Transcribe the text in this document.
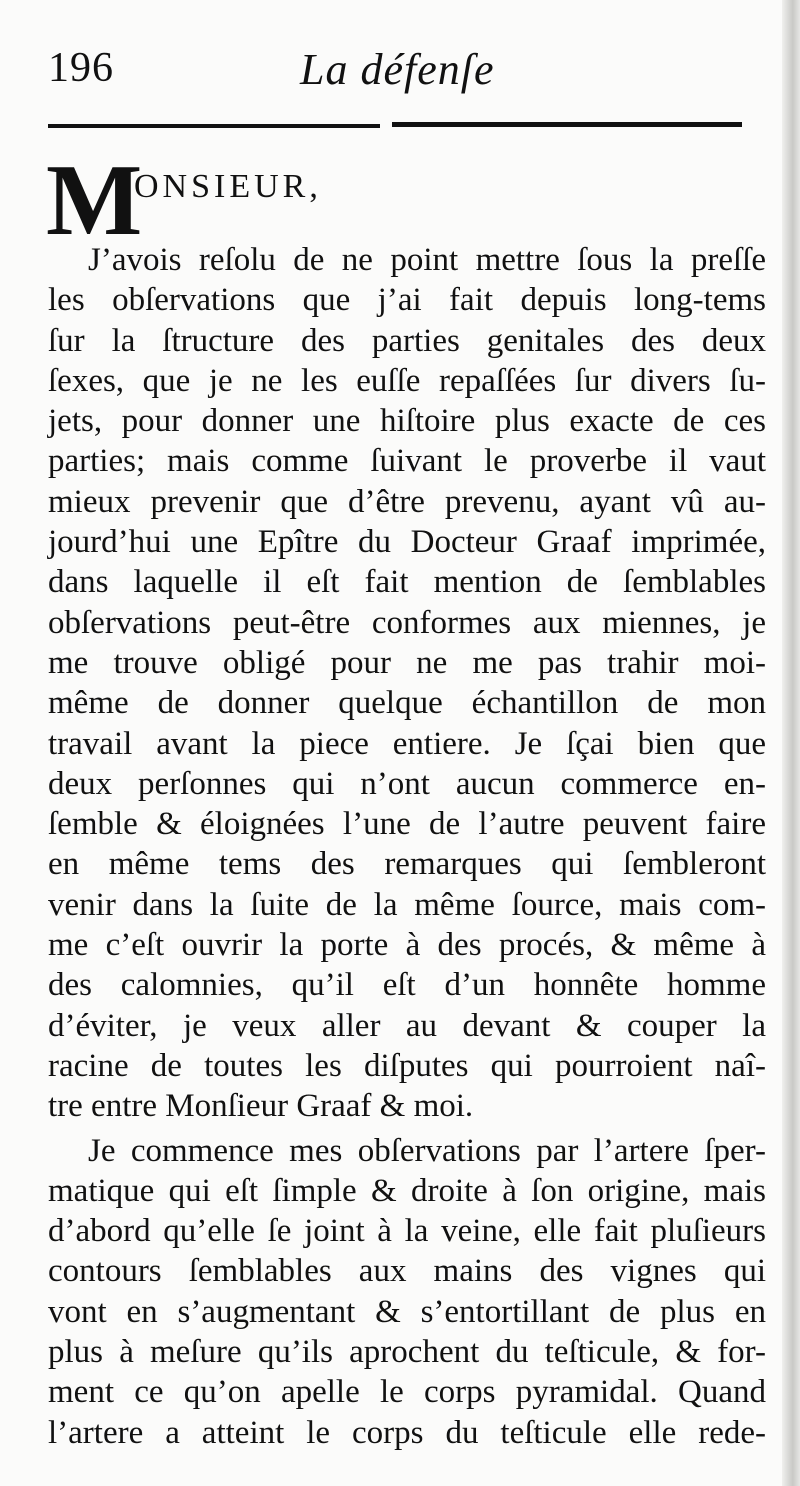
196	La défenſe
M
ONSIEUR,
J’avois reſolu de ne point mettre ſous la preſſe
les obſervations que j’ai fait depuis long-tems
ſur la ſtructure des parties genitales des deux
ſexes, que je ne les euſſe repaſſées ſur divers ſu-
jets, pour donner une hiſtoire plus exacte de ces
parties; mais comme ſuivant le proverbe il vaut
mieux prevenir que d’être prevenu, ayant vû au-
jourd’hui une Epître du Docteur Graaf imprimée,
dans laquelle il eſt fait mention de ſemblables
obſervations peut-être conformes aux miennes, je
me trouve obligé pour ne me pas trahir moi-
même de donner quelque échantillon de mon
travail avant la piece entiere. Je ſçai bien que
deux perſonnes qui n’ont aucun commerce en-
ſemble & éloignées l’une de l’autre peuvent faire
en même tems des remarques qui ſembleront
venir dans la ſuite de la même ſource, mais com-
me c’eſt ouvrir la porte à des procés, & même à
des calomnies, qu’il eſt d’un honnête homme
d’éviter, je veux aller au devant & couper la
racine de toutes les diſputes qui pourroient naî-
tre entre Monſieur Graaf & moi.
Je commence mes obſervations par l’artere ſper-
matique qui eſt ſimple & droite à ſon origine, mais
d’abord qu’elle ſe joint à la veine, elle fait pluſieurs
contours ſemblables aux mains des vignes qui
vont en s’augmentant & s’entortillant de plus en
plus à meſure qu’ils aprochent du teſticule, & for-
ment ce qu’on apelle le corps pyramidal. Quand
l’artere a atteint le corps du teſticule elle rede-
